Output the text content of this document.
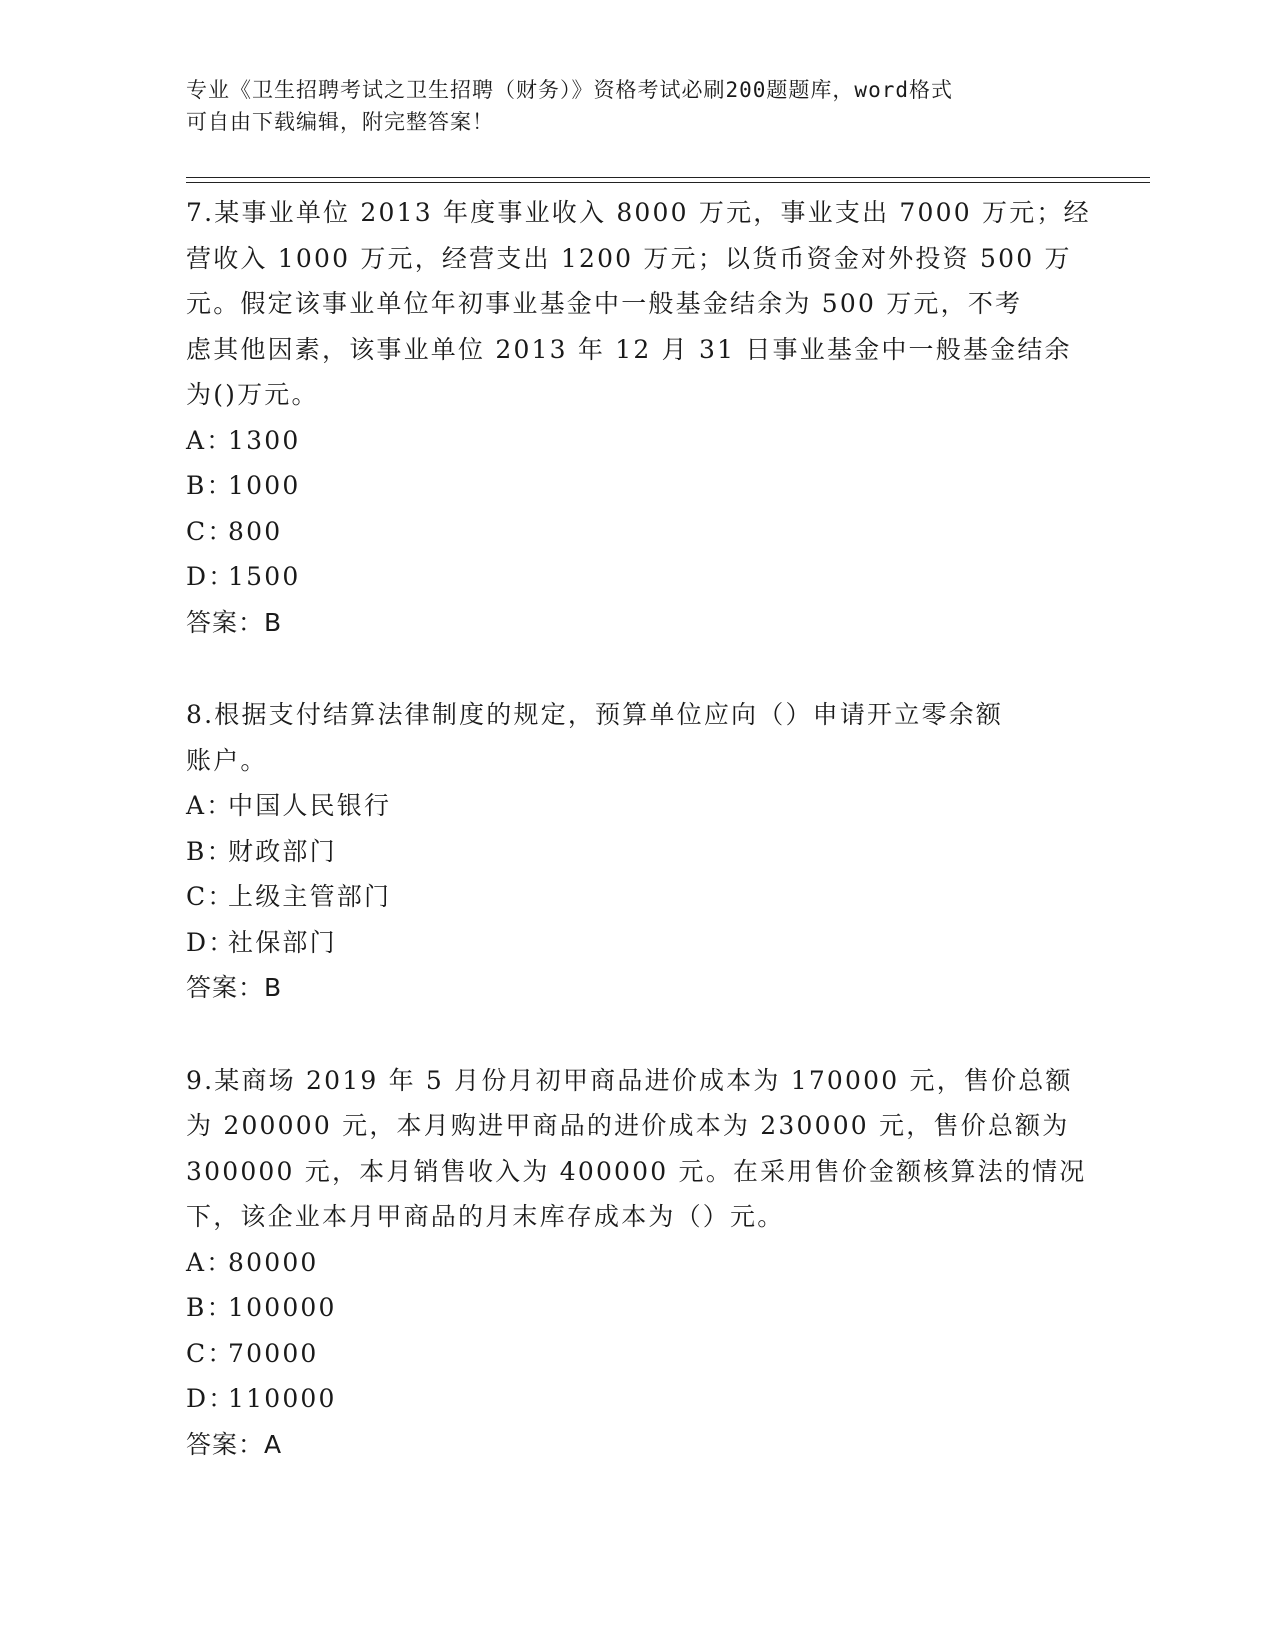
专业《卫生招聘考试之卫生招聘（财务）》资格考试必刷200题题库，word格式
可自由下载编辑，附完整答案！
7.某事业单位 2013 年度事业收入 8000 万元，事业支出 7000 万元；经
营收入 1000 万元，经营支出 1200 万元；以货币资金对外投资 500 万
元。假定该事业单位年初事业基金中一般基金结余为 500 万元，不考
虑其他因素，该事业单位 2013 年 12 月 31 日事业基金中一般基金结余
为()万元。
A：1300
B：1000
C：800
D：1500
答案：B
8.根据支付结算法律制度的规定，预算单位应向（）申请开立零余额
账户。
A：中国人民银行
B：财政部门
C：上级主管部门
D：社保部门
答案：B
9.某商场 2019 年 5 月份月初甲商品进价成本为 170000 元，售价总额
为 200000 元，本月购进甲商品的进价成本为 230000 元，售价总额为
300000 元，本月销售收入为 400000 元。在采用售价金额核算法的情况
下，该企业本月甲商品的月末库存成本为（）元。
A：80000
B：100000
C：70000
D：110000
答案：A
